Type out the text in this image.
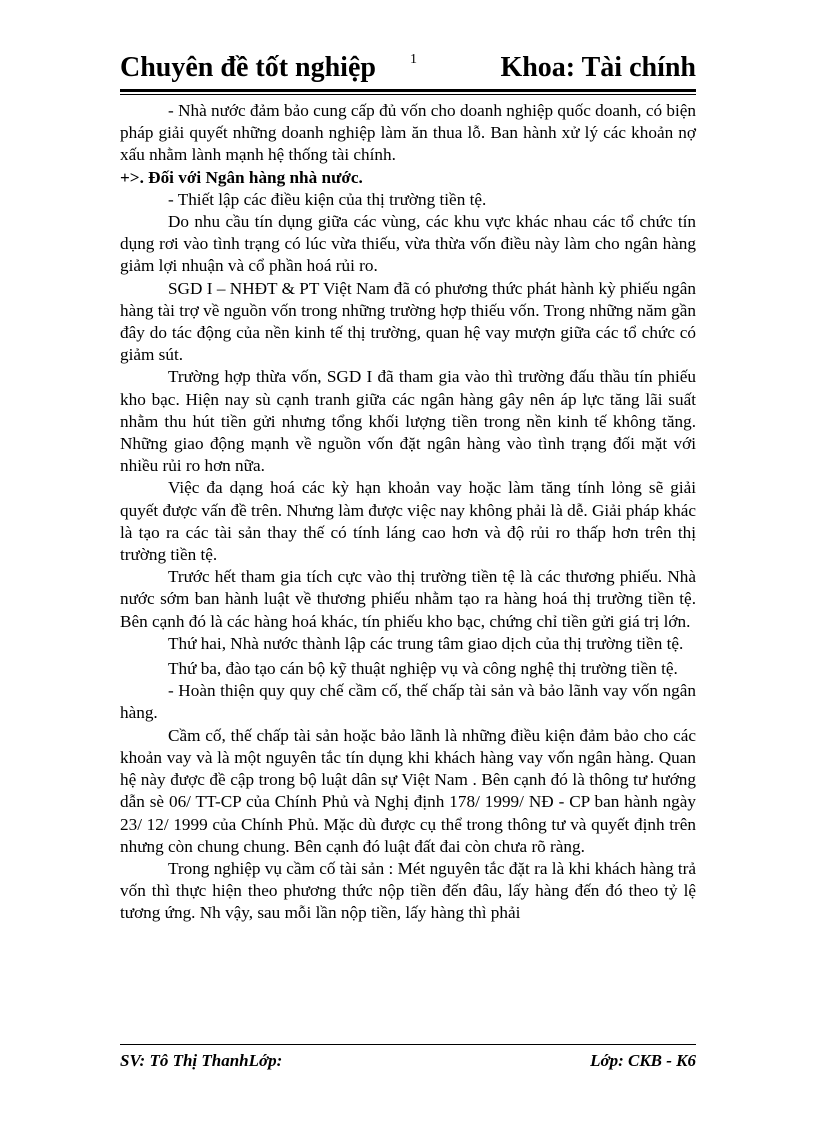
Chuyên đề tốt nghiệp 1	Khoa: Tài chính

- Nhà nước đảm bảo cung cấp đủ vốn cho doanh nghiệp quốc doanh, có biện pháp giải quyết những doanh nghiệp làm ăn thua lỗ. Ban hành xử lý các khoản nợ xấu nhằm lành mạnh hệ thống tài chính.

+>. Đối với Ngân hàng nhà nước.

- Thiết lập các điều kiện của thị trường tiền tệ.

Do nhu cầu tín dụng giữa các vùng, các khu vực khác nhau các tổ chức tín dụng rơi vào tình trạng có lúc vừa thiếu, vừa thừa vốn điều này làm cho ngân hàng giảm lợi nhuận và cổ phần hoá rủi ro.

SGD I – NHĐT & PT Việt Nam đã có phương thức phát hành kỳ phiếu ngân hàng tài trợ về nguồn vốn trong những trường hợp thiếu vốn. Trong những năm gần đây do tác động của nền kinh tế thị trường, quan hệ vay mượn giữa các tổ chức có giảm sút.

Trường hợp thừa vốn, SGD I đã tham gia vào thì trường đấu thầu tín phiếu kho bạc. Hiện nay sù cạnh tranh giữa các ngân hàng gây nên áp lực tăng lãi suất nhằm thu hút tiền gửi nhưng tổng khối lượng tiền trong nền kinh tế không tăng. Những giao động mạnh về nguồn vốn đặt ngân hàng vào tình trạng đối mặt với nhiều rủi ro hơn nữa.

Việc đa dạng hoá các kỳ hạn khoản vay hoặc làm tăng tính lỏng sẽ giải quyết được vấn đề trên. Nhưng làm được việc nay không phải là dễ. Giải pháp khác là tạo ra các tài sản thay thế có tính láng cao hơn và độ rủi ro thấp hơn trên thị trường tiền tệ.

Trước hết tham gia tích cực vào thị trường tiền tệ là các thương phiếu. Nhà nước sớm ban hành luật về thương phiếu nhằm tạo ra hàng hoá thị trường tiền tệ. Bên cạnh đó là các hàng hoá khác, tín phiếu kho bạc, chứng chỉ tiền gửi giá trị lớn.

Thứ hai, Nhà nước thành lập các trung tâm giao dịch của thị trường tiền tệ.

Thứ ba, đào tạo cán bộ kỹ thuật nghiệp vụ và công nghệ thị trường tiền tệ.

- Hoàn thiện quy quy chế cầm cố, thế chấp tài sản và bảo lãnh vay vốn ngân hàng.

Cầm cố, thế chấp tài sản hoặc bảo lãnh là những điều kiện đảm bảo cho các khoản vay và là một nguyên tắc tín dụng khi khách hàng vay vốn ngân hàng. Quan hệ này được đề cập trong bộ luật dân sự Việt Nam . Bên cạnh đó là thông tư hướng dẫn sè 06/ TT-CP của Chính Phủ và Nghị định 178/ 1999/ NĐ - CP ban hành ngày 23/ 12/ 1999 của Chính Phủ. Mặc dù được cụ thể trong thông tư và quyết định trên nhưng còn chung chung. Bên cạnh đó luật đất đai còn chưa rõ ràng.

Trong nghiệp vụ cầm cố tài sản : Mét nguyên tắc đặt ra là khi khách hàng trả vốn thì thực hiện theo phương thức nộp tiền đến đâu, lấy hàng đến đó theo tỷ lệ tương ứng. Nh vậy, sau mỗi lần nộp tiền, lấy hàng thì phải

SV: Tô Thị ThanhLớp:	Lớp: CKB - K6
